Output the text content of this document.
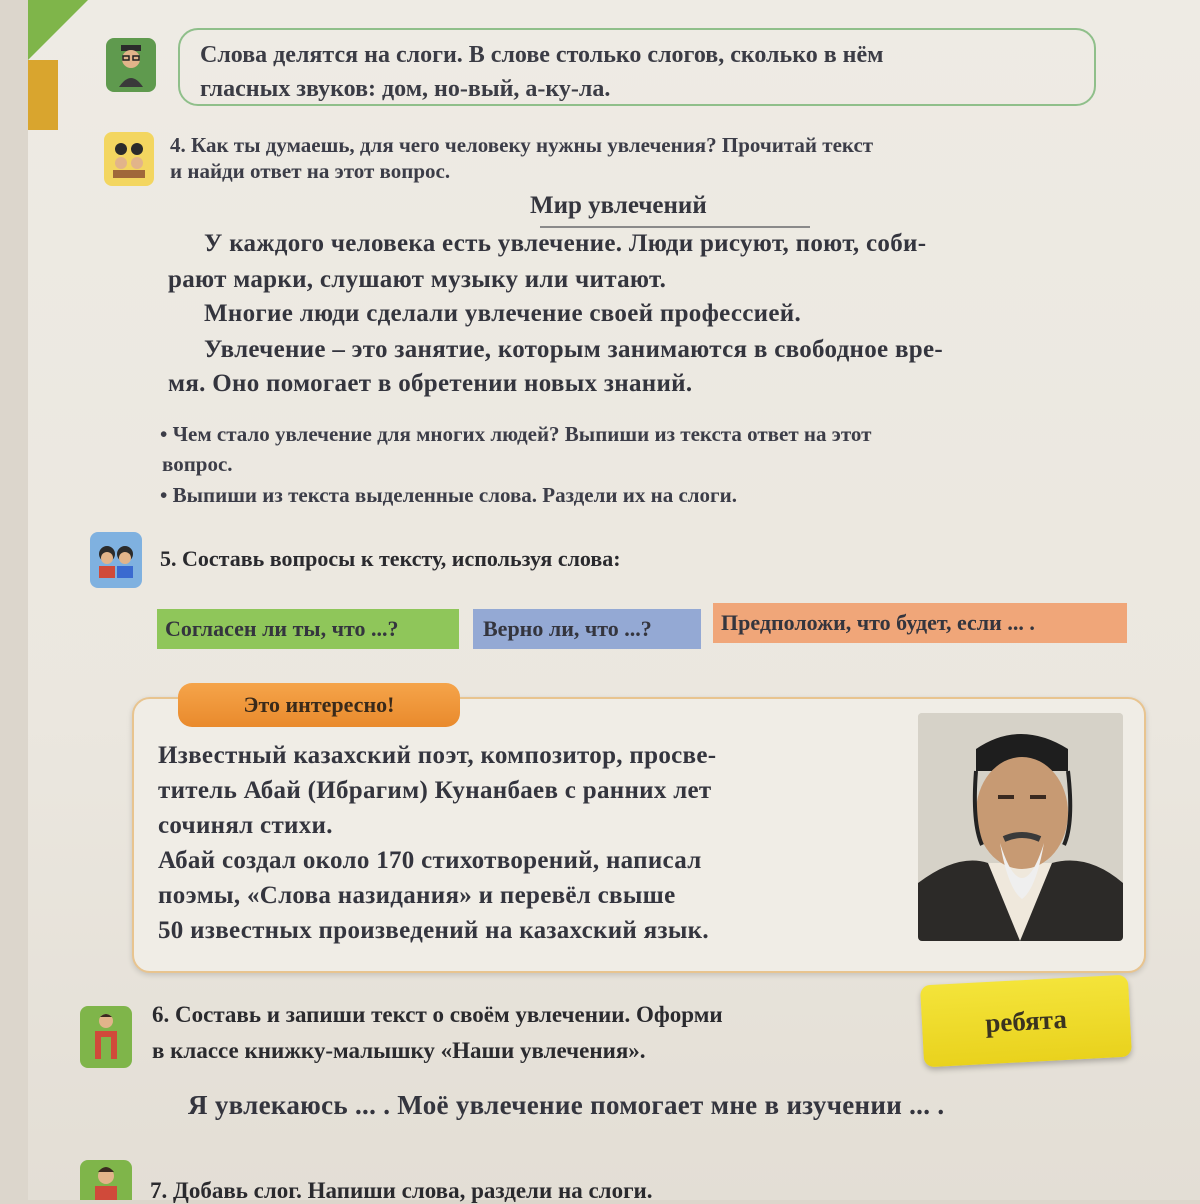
Слова делятся на слоги. В слове столько слогов, сколько в нём
гласных звуков: дом, но-вый, а-ку-ла.
4. Как ты думаешь, для чего человеку нужны увлечения? Прочитай текст
и найди ответ на этот вопрос.
Мир увлечений
У каждого человека есть увлечение. Люди рисуют, поют, соби-
рают марки, слушают музыку или читают.
Многие люди сделали увлечение своей профессией.
Увлечение – это занятие, которым занимаются в свободное вре-
мя. Оно помогает в обретении новых знаний.
• Чем стало увлечение для многих людей? Выпиши из текста ответ на этот
вопрос.
• Выпиши из текста выделенные слова. Раздели их на слоги.
5. Составь вопросы к тексту, используя слова:
Согласен ли ты, что ...?	Верно ли, что ...?	Предположи, что будет, если ... .
Это интересно!
Известный казахский поэт, композитор, просве-
титель Абай (Ибрагим) Кунанбаев с ранних лет
сочинял стихи.
Абай создал около 170 стихотворений, написал
поэмы, «Слова назидания» и перевёл свыше
50 известных произведений на казахский язык.
6. Составь и запиши текст о своём увлечении. Оформи
в классе книжку-малышку «Наши увлечения».
ребята
Я увлекаюсь ... . Моё увлечение помогает мне в изучении ... .
7. Добавь слог. Напиши слова, раздели на слоги.
